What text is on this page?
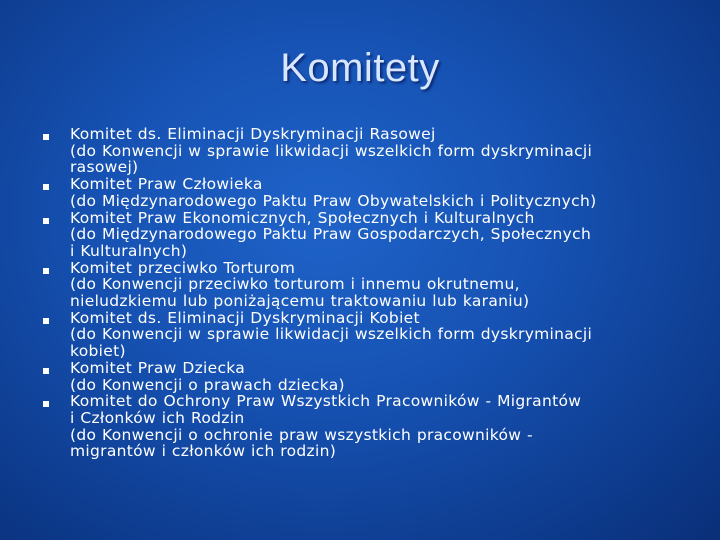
Komitety
Komitet ds. Eliminacji Dyskryminacji Rasowej
(do Konwencji w sprawie likwidacji wszelkich form dyskryminacji
rasowej)
Komitet Praw Człowieka
(do Międzynarodowego Paktu Praw Obywatelskich i Politycznych)
Komitet Praw Ekonomicznych, Społecznych i Kulturalnych
(do Międzynarodowego Paktu Praw Gospodarczych, Społecznych
i Kulturalnych)
Komitet przeciwko Torturom
(do Konwencji przeciwko torturom i innemu okrutnemu,
nieludzkiemu lub poniżającemu traktowaniu lub karaniu)
Komitet ds. Eliminacji Dyskryminacji Kobiet
(do Konwencji w sprawie likwidacji wszelkich form dyskryminacji
kobiet)
Komitet Praw Dziecka
(do Konwencji o prawach dziecka)
Komitet do Ochrony Praw Wszystkich Pracowników - Migrantów
i Członków ich Rodzin
(do Konwencji o ochronie praw wszystkich pracowników -
migrantów i członków ich rodzin)
